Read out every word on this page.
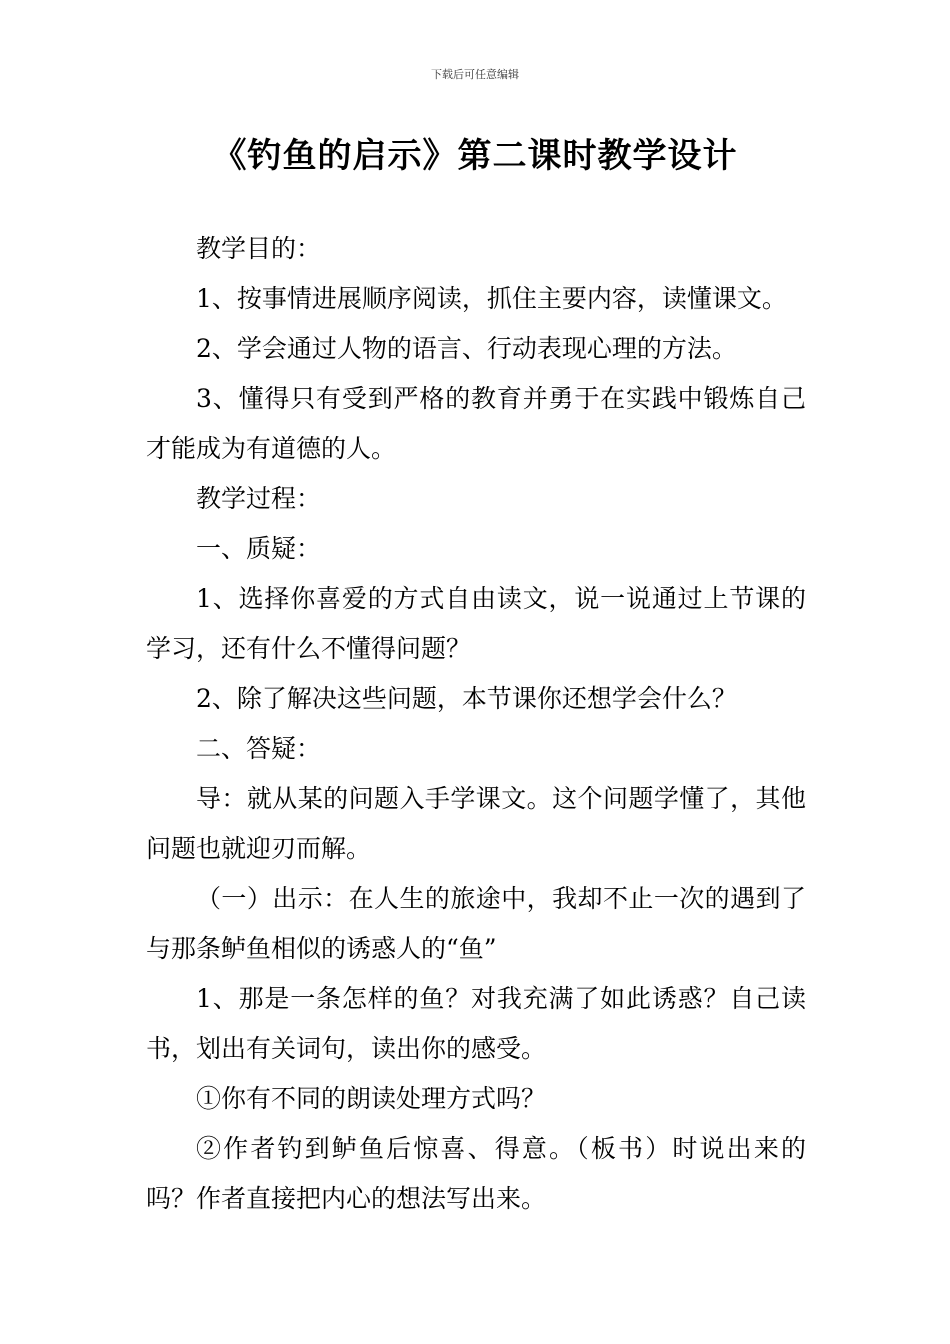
下载后可任意编辑
《钓鱼的启示》第二课时教学设计

教学目的：

1、按事情进展顺序阅读，抓住主要内容，读懂课文。

2、学会通过人物的语言、行动表现心理的方法。

3、懂得只有受到严格的教育并勇于在实践中锻炼自己才能成为有道德的人。

教学过程：

一、质疑：

1、选择你喜爱的方式自由读文，说一说通过上节课的学习，还有什么不懂得问题？

2、除了解决这些问题，本节课你还想学会什么？

二、答疑：

导：就从某的问题入手学课文。这个问题学懂了，其他问题也就迎刃而解。

（一）出示：在人生的旅途中，我却不止一次的遇到了与那条鲈鱼相似的诱惑人的“鱼”

1、那是一条怎样的鱼？对我充满了如此诱惑？自己读书，划出有关词句，读出你的感受。

①你有不同的朗读处理方式吗？

②作者钓到鲈鱼后惊喜、得意。（板书）时说出来的吗？作者直接把内心的想法写出来。
